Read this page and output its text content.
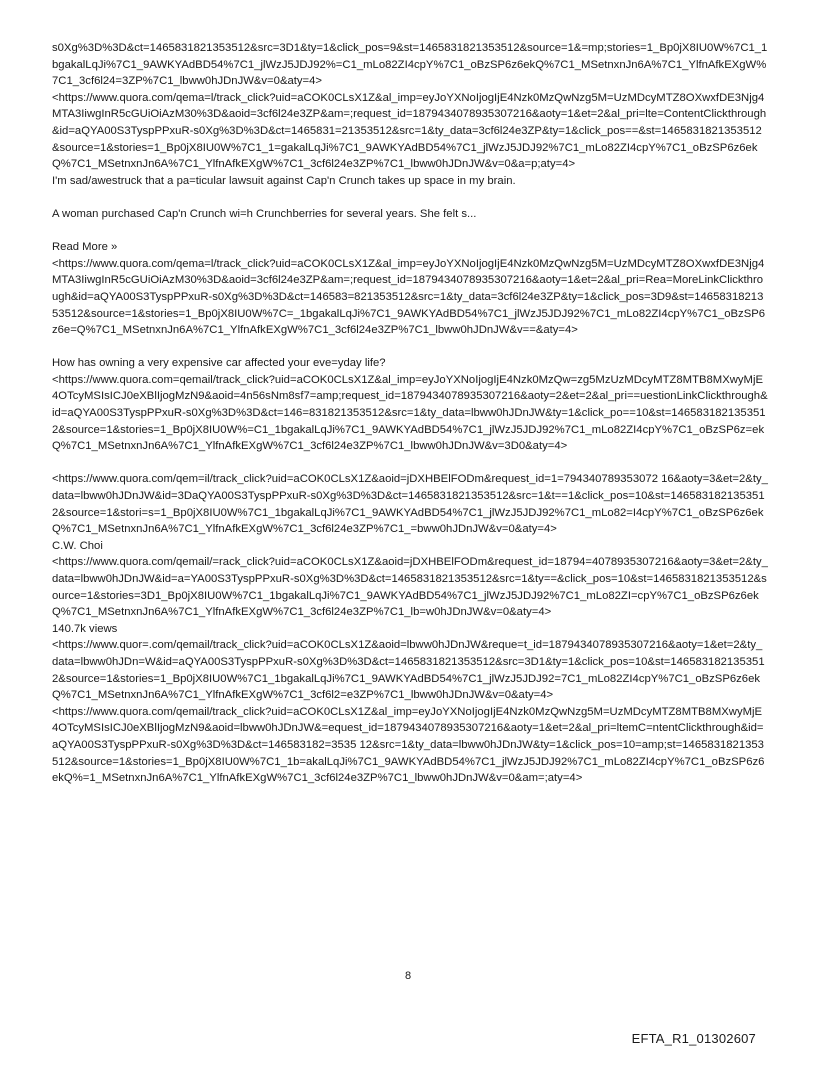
s0Xg%3D%3D&ct=1465831821353512&src=3D1&ty=1&click_pos=9&st=1465831821353512&source=1&=mp;stories=1_Bp0jX8IU0W%7C1_1bgakalLqJi%7C1_9AWKYAdBD54%7C1_jlWzJ5JDJ92%=C1_mLo82ZI4cpY%7C1_oBzSP6z6ekQ%7C1_MSetnxnJn6A%7C1_YlfnAfkEXgW%7C1_3cf6l24=3ZP%7C1_lbww0hJDnJW&v=0&aty=4>
<https://www.quora.com/qema=l/track_click?uid=aCOK0CLsX1Z&al_imp=eyJoYXNoIjogIjE4Nzk0MzQwNzg5M=UzMDcyMTZ8OXwxfDE3Njg4MTA3IiwgInR5cGUiOiAzM30%3D&aoid=3cf6l24e3ZP&am=;request_id=1879434078935307216&aoty=1&et=2&al_pri=lte=ContentClickthrough&id=aQYA00S3TyspPPxuR-s0Xg%3D%3D&ct=1465831=21353512&src=1&ty_data=3cf6l24e3ZP&ty=1&click_pos==&st=1465831821353512&source=1&stories=1_Bp0jX8IU0W%7C1_1=gakalLqJi%7C1_9AWKYAdBD54%7C1_jlWzJ5JDJ92%7C1_mLo82ZI4cpY%7C1_oBzSP6z6ekQ%7C1_MSetnxnJn6A%7C1_YlfnAfkEXgW%7C1_3cf6l24e3ZP%7C1_lbww0hJDnJW&v=0&a=p;aty=4>
I'm sad/awestruck that a pa=ticular lawsuit against Cap'n Crunch takes up space in my brain.
A woman purchased Cap'n Crunch wi=h Crunchberries for several years. She felt s...
Read More »
<https://www.quora.com/qema=l/track_click?uid=aCOK0CLsX1Z&al_imp=eyJoYXNoIjogIjE4Nzk0MzQwNzg5M=UzMDcyMTZ8OXwxfDE3Njg4MTA3IiwgInR5cGUiOiAzM30%3D&aoid=3cf6l24e3ZP&am=;request_id=1879434078935307216&aoty=1&et=2&al_pri=Rea=MoreLinkClickthrough&id=aQYA00S3TyspPPxuR-s0Xg%3D%3D&ct=146583=821353512&src=1&ty_data=3cf6l24e3ZP&ty=1&click_pos=3D9&st=1465831821353512&source=1&stories=1_Bp0jX8IU0W%7C=_1bgakalLqJi%7C1_9AWKYAdBD54%7C1_jlWzJ5JDJ92%7C1_mLo82ZI4cpY%7C1_oBzSP6z6e=Q%7C1_MSetnxnJn6A%7C1_YlfnAfkEXgW%7C1_3cf6l24e3ZP%7C1_lbww0hJDnJW&v==&aty=4>
How has owning a very expensive car affected your eve=yday life?
<https://www.quora.com=qemail/track_click?uid=aCOK0CLsX1Z&al_imp=eyJoYXNoIjogIjE4Nzk0MzQw=zg5MzUzMDcyMTZ8MTB8MXwyMjE4OTcyMSIsICJ0eXBlIjogMzN9&aoid=4n56sNm8sf7=amp;request_id=1879434078935307216&aoty=2&et=2&al_pri==uestionLinkClickthrough&id=aQYA00S3TyspPPxuR-s0Xg%3D%3D&ct=146=831821353512&src=1&ty_data=lbww0hJDnJW&ty=1&click_po==10&st=1465831821353512&source=1&stories=1_Bp0jX8IU0W%=C1_1bgakalLqJi%7C1_9AWKYAdBD54%7C1_jlWzJ5JDJ92%7C1_mLo82ZI4cpY%7C1_oBzSP6z=ekQ%7C1_MSetnxnJn6A%7C1_YlfnAfkEXgW%7C1_3cf6l24e3ZP%7C1_lbww0hJDnJW&v=3D0&aty=4>
<https://www.quora.com/qem=il/track_click?uid=aCOK0CLsX1Z&aoid=jDXHBElFODm&request_id=1=794340789353072 16&aoty=3&et=2&ty_data=lbww0hJDnJW&id=3DaQYA00S3TyspPPxuR-s0Xg%3D%3D&ct=1465831821353512&src=1&t==1&click_pos=10&st=1465831821353512&source=1&stori=s=1_Bp0jX8IU0W%7C1_1bgakalLqJi%7C1_9AWKYAdBD54%7C1_jlWzJ5JDJ92%7C1_mLo82=I4cpY%7C1_oBzSP6z6ekQ%7C1_MSetnxnJn6A%7C1_YlfnAfkEXgW%7C1_3cf6l24e3ZP%7C1_=bww0hJDnJW&v=0&aty=4>
C.W. Choi
<https://www.quora.com/qemail/=rack_click?uid=aCOK0CLsX1Z&aoid=jDXHBElFODm&request_id=18794=4078935307216&aoty=3&et=2&ty_data=lbww0hJDnJW&id=a=YA00S3TyspPPxuR-s0Xg%3D%3D&ct=1465831821353512&src=1&ty==&click_pos=10&st=1465831821353512&source=1&stories=3D1_Bp0jX8IU0W%7C1_1bgakalLqJi%7C1_9AWKYAdBD54%7C1_jlWzJ5JDJ92%7C1_mLo82ZI=cpY%7C1_oBzSP6z6ekQ%7C1_MSetnxnJn6A%7C1_YlfnAfkEXgW%7C1_3cf6l24e3ZP%7C1_lb=w0hJDnJW&v=0&aty=4>
140.7k views
<https://www.quor=.com/qemail/track_click?uid=aCOK0CLsX1Z&aoid=lbww0hJDnJW&reque=t_id=1879434078935307216&aoty=1&et=2&ty_data=lbww0hJDn=W&id=aQYA00S3TyspPPxuR-s0Xg%3D%3D&ct=1465831821353512&src=3D1&ty=1&click_pos=10&st=1465831821353512&source=1&stories=1_Bp0jX8IU0W%7C1_1bgakalLqJi%7C1_9AWKYAdBD54%7C1_jlWzJ5JDJ92=7C1_mLo82ZI4cpY%7C1_oBzSP6z6ekQ%7C1_MSetnxnJn6A%7C1_YlfnAfkEXgW%7C1_3cf6l2=e3ZP%7C1_lbww0hJDnJW&v=0&aty=4>
<https://www.quora.com/qemail/track_click?uid=aCOK0CLsX1Z&al_imp=eyJoYXNoIjogIjE4Nzk0MzQwNzg5M=UzMDcyMTZ8MTB8MXwyMjE4OTcyMSIsICJ0eXBlIjogMzN9&aoid=lbww0hJDnJW&=equest_id=1879434078935307216&aoty=1&et=2&al_pri=ltemC=ntentClickthrough&id=aQYA00S3TyspPPxuR-s0Xg%3D%3D&ct=146583182=3535 12&src=1&ty_data=lbww0hJDnJW&ty=1&click_pos=10=amp;st=1465831821353512&source=1&stories=1_Bp0jX8IU0W%7C1_1b=akalLqJi%7C1_9AWKYAdBD54%7C1_jlWzJ5JDJ92%7C1_mLo82ZI4cpY%7C1_oBzSP6z6ekQ%=1_MSetnxnJn6A%7C1_YlfnAfkEXgW%7C1_3cf6l24e3ZP%7C1_lbww0hJDnJW&v=0&am=;aty=4>
8
EFTA_R1_01302607
